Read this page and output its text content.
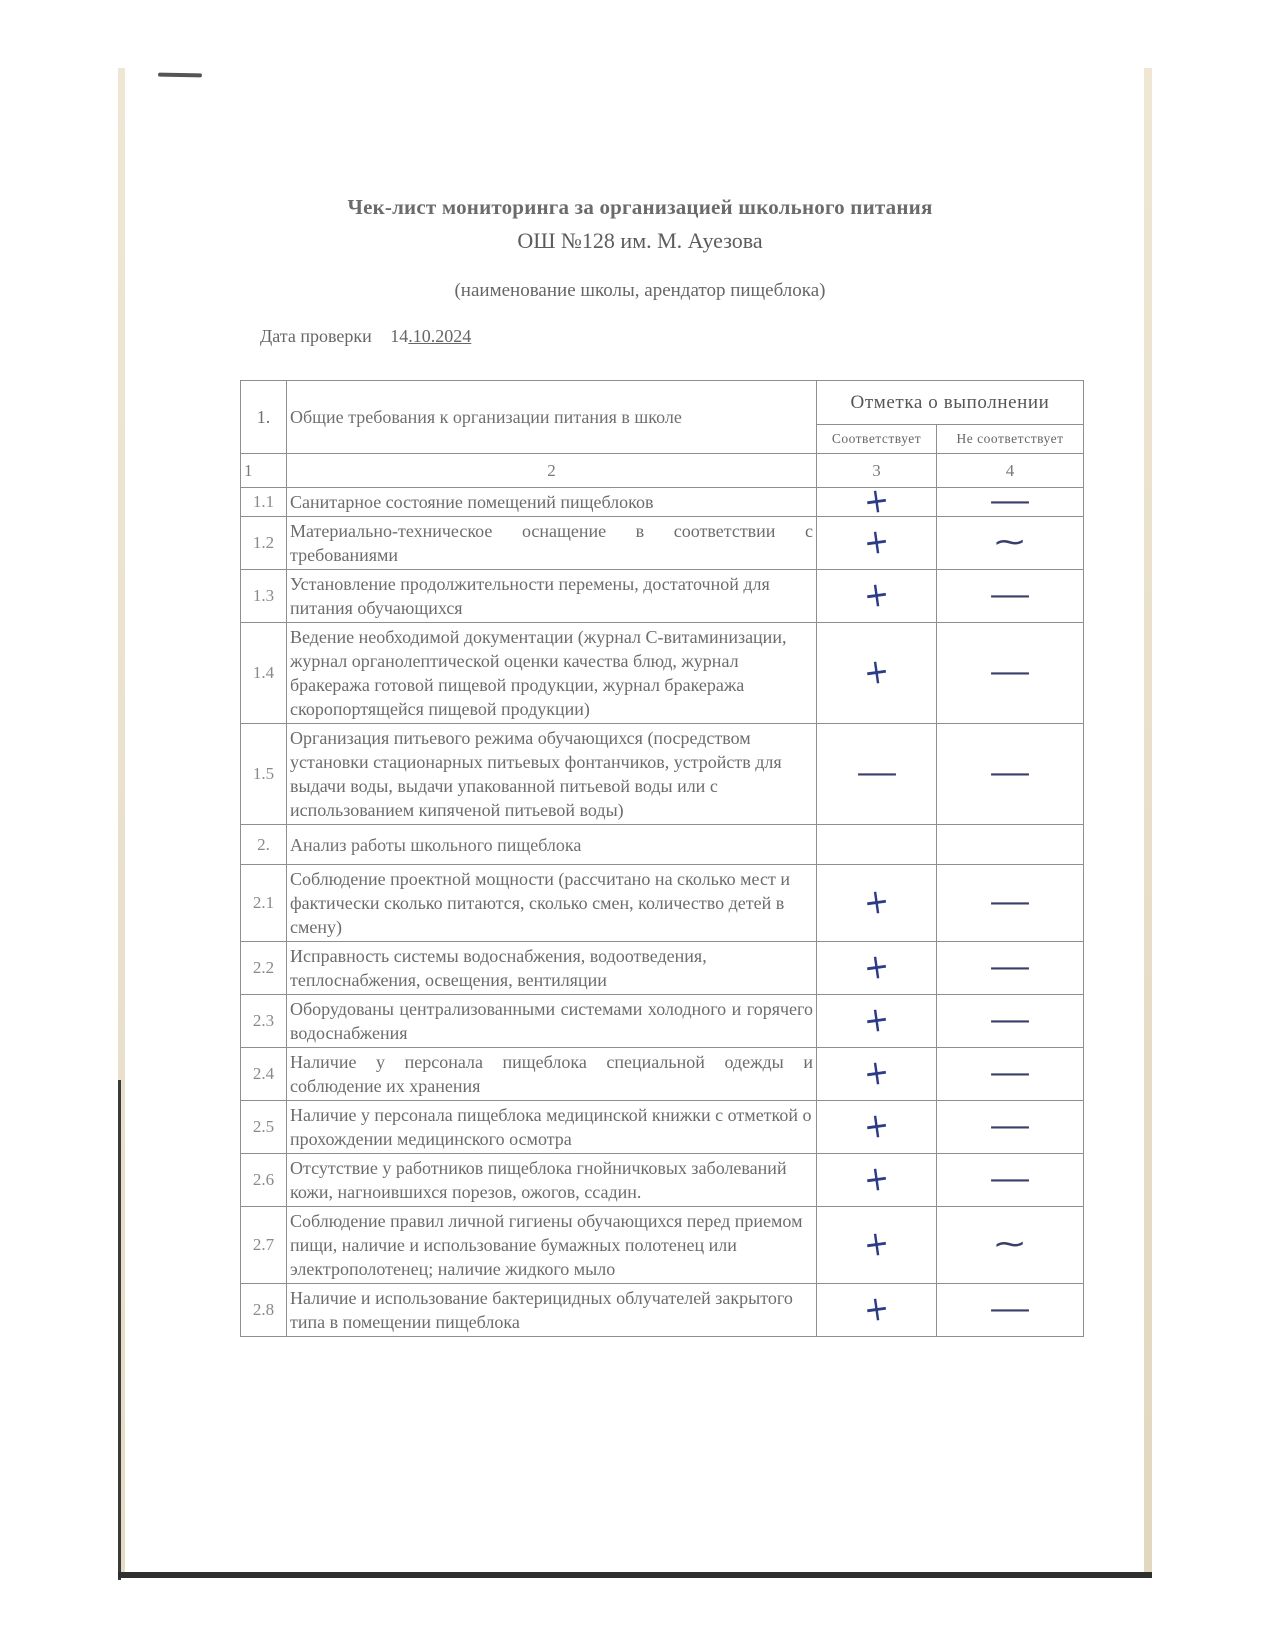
Чек-лист мониторинга за организацией школьного питания
ОШ №128 им. М. Ауезова
(наименование школы, арендатор пищеблока)
Дата проверки 14.10.2024
1.	Общие требования к организации питания в школе	Отметка о выполнении	
		Соответствует	Не соответствует
1	2	3	4
1.1	Санитарное состояние помещений пищеблоков	+	—
1.2	Материально-техническое оснащение в соответствии с требованиями	+	~
1.3	Установление продолжительности перемены, достаточной для питания обучающихся	+	—
1.4	Ведение необходимой документации (журнал С-витаминизации, журнал органолептической оценки качества блюд, журнал бракеража готовой пищевой продукции, журнал бракеража скоропортящейся пищевой продукции)	+	—
1.5	Организация питьевого режима обучающихся (посредством установки стационарных питьевых фонтанчиков, устройств для выдачи воды, выдачи упакованной питьевой воды или с использованием кипяченой питьевой воды)	—	—
2.	Анализ работы школьного пищеблока		
2.1	Соблюдение проектной мощности (рассчитано на сколько мест и фактически сколько питаются, сколько смен, количество детей в смену)	+	—
2.2	Исправность системы водоснабжения, водоотведения, теплоснабжения, освещения, вентиляции	+	—
2.3	Оборудованы централизованными системами холодного и горячего водоснабжения	+	—
2.4	Наличие у персонала пищеблока специальной одежды и соблюдение их хранения	+	—
2.5	Наличие у персонала пищеблока медицинской книжки с отметкой о прохождении медицинского осмотра	+	—
2.6	Отсутствие у работников пищеблока гнойничковых заболеваний кожи, нагноившихся порезов, ожогов, ссадин.	+	—
2.7	Соблюдение правил личной гигиены обучающихся перед приемом пищи, наличие и использование бумажных полотенец или электрополотенец; наличие жидкого мыло	+	~
2.8	Наличие и использование бактерицидных облучателей закрытого типа в помещении пищеблока	+	—
